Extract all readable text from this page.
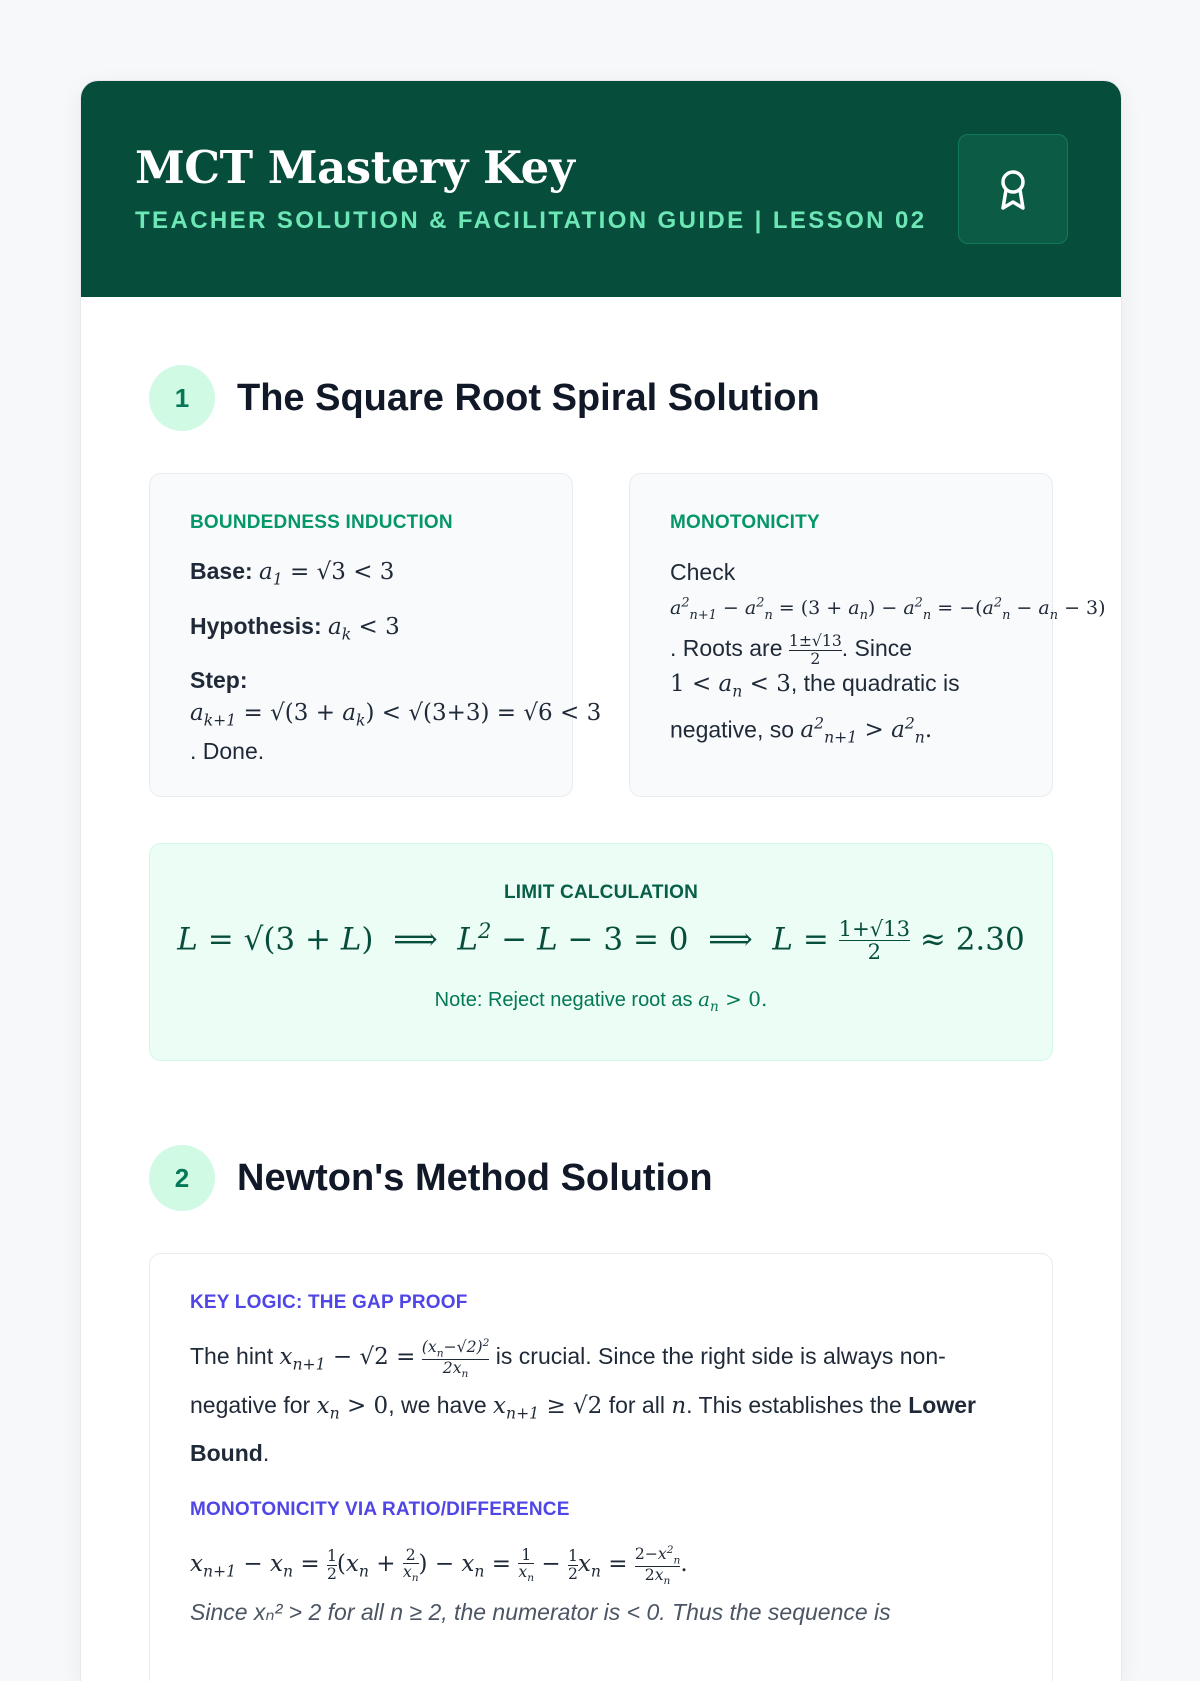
MCT Mastery Key
TEACHER SOLUTION & FACILITATION GUIDE | LESSON 02
1	The Square Root Spiral Solution
BOUNDEDNESS INDUCTION
Base: $a_1 = √3 < 3$
Hypothesis: $a_k < 3$
Step:
$a_{k+1} = √(3 + a_k) < √(3+3) = √6 < 3$
. Done.
MONOTONICITY
Check
$a^2_{n+1} - a^2_n = (3 + a_n) - a^2_n = -(a^2_n - a_n - 3)$
. Roots are $\frac{1\pm√13}{2}$ . Since
$1 < a_n < 3$, the quadratic is
negative, so $a^2_{n+1} > a^2_n$.
LIMIT CALCULATION
L = √(3 + L)  ⟹  $L^2 - L - 3 = 0$  ⟹  $L = \frac{1+√13}{2} \approx 2.30$
Note: Reject negative root as $a_n > 0$.
2	Newton's Method Solution
KEY LOGIC: THE GAP PROOF
The hint $x_{n+1} - √2 = \frac{(x_n-√2)^2}{2x_n}$ is crucial. Since the right side is always non-negative for $x_n > 0$, we have $x_{n+1} \ge √2$ for all n. This establishes the Lower Bound.
MONOTONICITY VIA RATIO/DIFFERENCE
$x_{n+1} - x_n = \frac{1}{2} (x_n + \frac{2}{x_n}$ ) − $x_n = \frac{1}{x_n} - \frac{1}{2} x_n = \frac{2-x^2_n}{2x_n}$ .
Since xₙ² > 2 for all n ≥ 2, the numerator is < 0. Thus the sequence is
